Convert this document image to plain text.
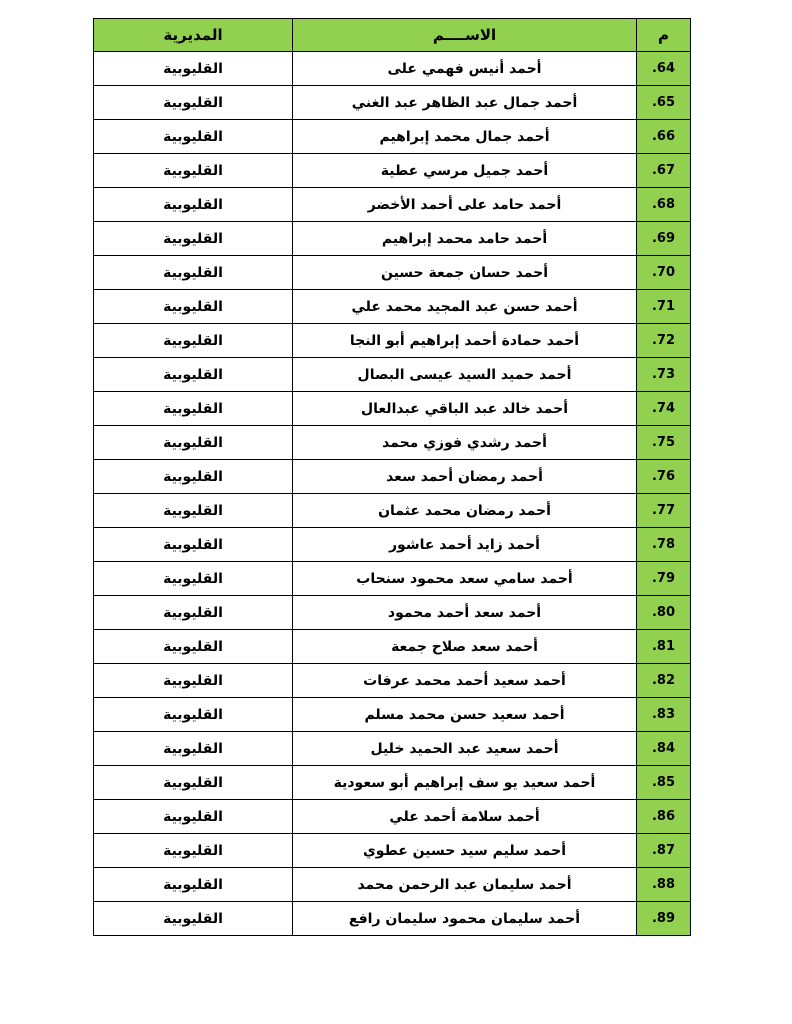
م	الاســــم	المديرية
.64	أحمد أنيس فهمي على	القليوبية
.65	أحمد جمال عبد الظاهر عبد الغني	القليوبية
.66	أحمد جمال محمد إبراهيم	القليوبية
.67	أحمد جميل مرسي عطية	القليوبية
.68	أحمد حامد على أحمد الأخضر	القليوبية
.69	أحمد حامد محمد إبراهيم	القليوبية
.70	أحمد حسان جمعة حسين	القليوبية
.71	أحمد حسن عبد المجيد محمد علي	القليوبية
.72	أحمد حمادة أحمد إبراهيم أبو النجا	القليوبية
.73	أحمد حميد السيد عيسى البصال	القليوبية
.74	أحمد خالد عبد الباقي عبدالعال	القليوبية
.75	أحمد رشدي فوزي محمد	القليوبية
.76	أحمد رمضان أحمد سعد	القليوبية
.77	أحمد رمضان محمد عثمان	القليوبية
.78	أحمد زايد أحمد عاشور	القليوبية
.79	أحمد سامي سعد محمود سنحاب	القليوبية
.80	أحمد سعد أحمد محمود	القليوبية
.81	أحمد سعد صلاح جمعة	القليوبية
.82	أحمد سعيد أحمد محمد عرفات	القليوبية
.83	أحمد سعيد حسن محمد مسلم	القليوبية
.84	أحمد سعيد عبد الحميد خليل	القليوبية
.85	أحمد سعيد يو سف إبراهيم أبو سعودية	القليوبية
.86	أحمد سلامة أحمد علي	القليوبية
.87	أحمد سليم سيد حسين عطوي	القليوبية
.88	أحمد سليمان عبد الرحمن محمد	القليوبية
.89	أحمد سليمان محمود سليمان رافع	القليوبية
